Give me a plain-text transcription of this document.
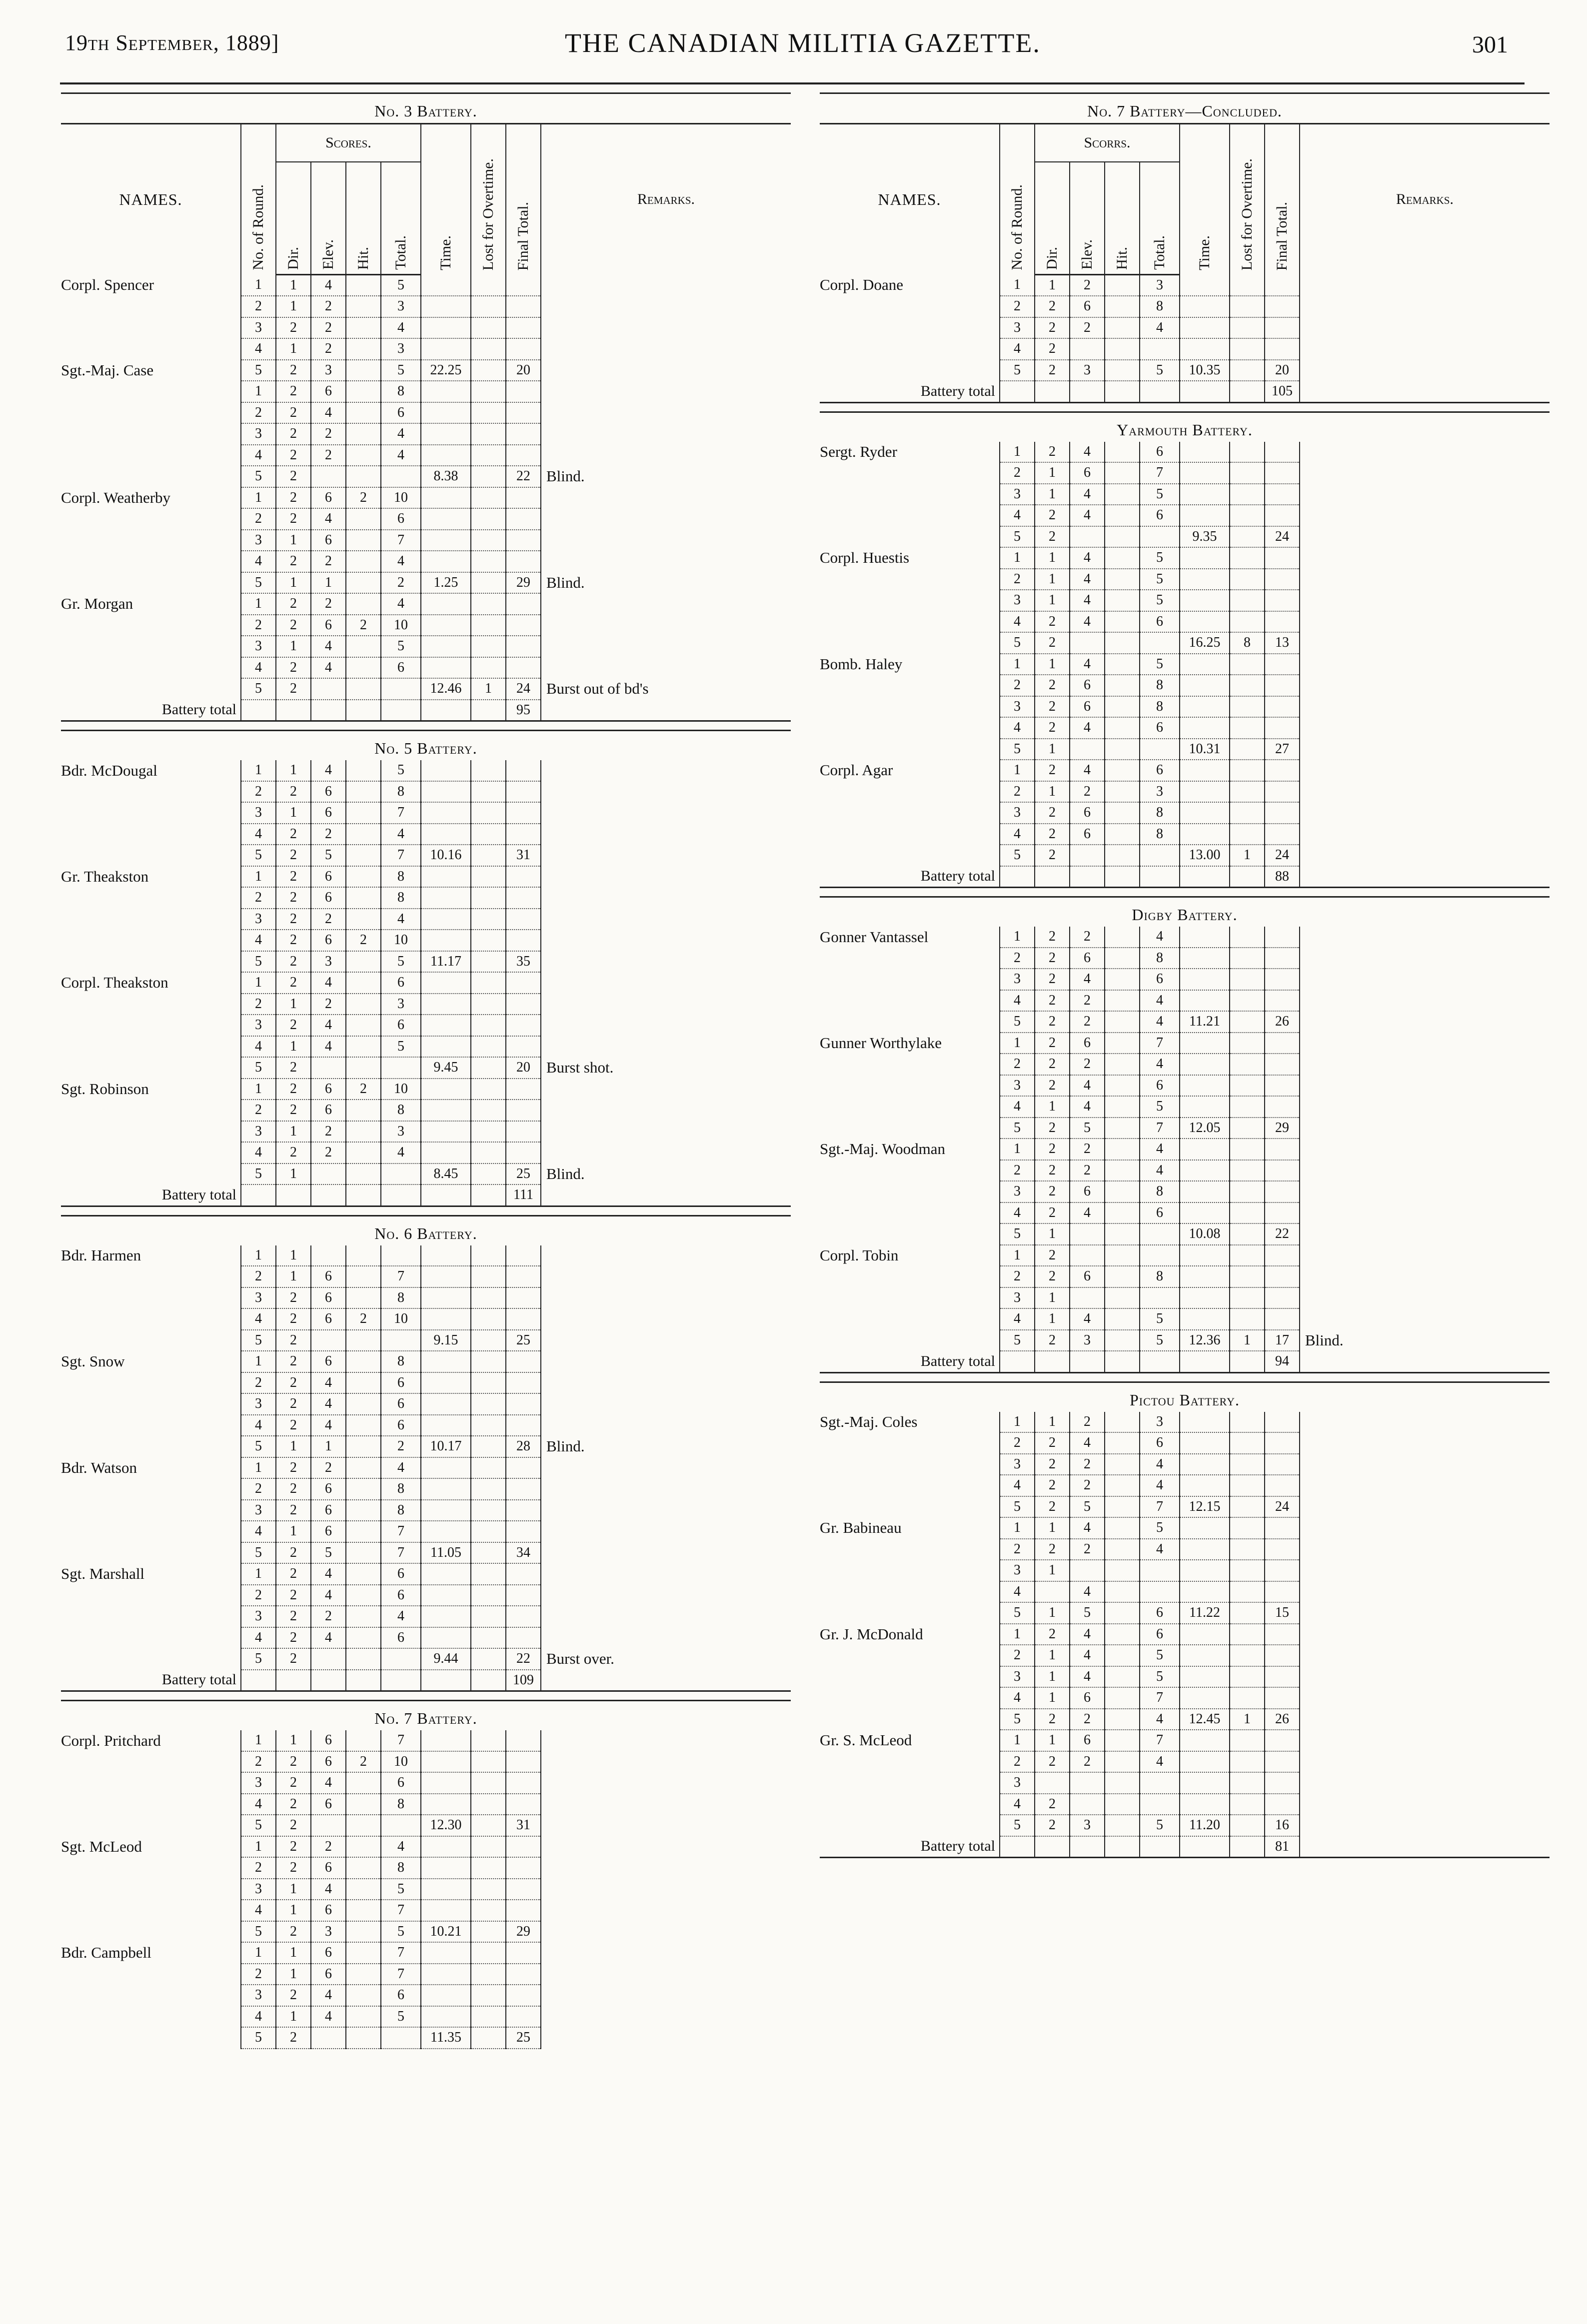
19th September, 1889]	THE CANADIAN MILITIA GAZETTE.	301
No. 3 Battery.
NAMES.	No. of Round.	Scores.				Time.	Lost for Overtime.	Final Total.	Remarks.
		Dir.	Elev.	Hit.	Total.				
Corpl. Spencer	1	1	4		5				
	2	1	2		3				
	3	2	2		4				
	4	1	2		3				
Sgt.-Maj. Case	5	2	3		5	22.25		20	
	1	2	6		8				
	2	2	4		6				
	3	2	2		4				
	4	2	2		4				
	5	2				8.38		22	Blind.
Corpl. Weatherby	1	2	6	2	10				
	2	2	4		6				
	3	1	6		7				
	4	2	2		4				
	5	1	1		2	1.25		29	Blind.
Gr. Morgan	1	2	2		4				
	2	2	6	2	10				
	3	1	4		5				
	4	2	4		6				
	5	2				12.46	1	24	Burst out of bd's
Battery total								95	
No. 5 Battery.
Bdr. McDougal	1	1	4		5				
	2	2	6		8				
	3	1	6		7				
	4	2	2		4				
	5	2	5		7	10.16		31	
Gr. Theakston	1	2	6		8				
	2	2	6		8				
	3	2	2		4				
	4	2	6	2	10				
	5	2	3		5	11.17		35	
Corpl. Theakston	1	2	4		6				
	2	1	2		3				
	3	2	4		6				
	4	1	4		5				
	5	2				9.45		20	Burst shot.
Sgt. Robinson	1	2	6	2	10				
	2	2	6		8				
	3	1	2		3				
	4	2	2		4				
	5	1				8.45		25	Blind.
Battery total								111	
No. 6 Battery.
Bdr. Harmen	1	1							
	2	1	6		7				
	3	2	6		8				
	4	2	6	2	10				
	5	2				9.15		25	
Sgt. Snow	1	2	6		8				
	2	2	4		6				
	3	2	4		6				
	4	2	4		6				
	5	1	1		2	10.17		28	Blind.
Bdr. Watson	1	2	2		4				
	2	2	6		8				
	3	2	6		8				
	4	1	6		7				
	5	2	5		7	11.05		34	
Sgt. Marshall	1	2	4		6				
	2	2	4		6				
	3	2	2		4				
	4	2	4		6				
	5	2				9.44		22	Burst over.
Battery total								109	
No. 7 Battery.
Corpl. Pritchard	1	1	6		7				
	2	2	6	2	10				
	3	2	4		6				
	4	2	6		8				
	5	2				12.30		31	
Sgt. McLeod	1	2	2		4				
	2	2	6		8				
	3	1	4		5				
	4	1	6		7				
	5	2	3		5	10.21		29	
Bdr. Campbell	1	1	6		7				
	2	1	6		7				
	3	2	4		6				
	4	1	4		5				
	5	2				11.35		25	
No. 7 Battery—Concluded.
NAMES.	No. of Round.	Scorrs.				Time.	Lost for Overtime.	Final Total.	Remarks.
		Dir.	Elev.	Hit.	Total.				
Corpl. Doane	1	1	2		3				
	2	2	6		8				
	3	2	2		4				
	4	2							
	5	2	3		5	10.35		20	
Battery total								105	
Yarmouth Battery.
Sergt. Ryder	1	2	4		6				
	2	1	6		7				
	3	1	4		5				
	4	2	4		6				
	5	2				9.35		24	
Corpl. Huestis	1	1	4		5				
	2	1	4		5				
	3	1	4		5				
	4	2	4		6				
	5	2				16.25	8	13	
Bomb. Haley	1	1	4		5				
	2	2	6		8				
	3	2	6		8				
	4	2	4		6				
	5	1				10.31		27	
Corpl. Agar	1	2	4		6				
	2	1	2		3				
	3	2	6		8				
	4	2	6		8				
	5	2				13.00	1	24	
Battery total								88	
Digby Battery.
Gonner Vantassel	1	2	2		4				
	2	2	6		8				
	3	2	4		6				
	4	2	2		4				
	5	2	2		4	11.21		26	
Gunner Worthylake	1	2	6		7				
	2	2	2		4				
	3	2	4		6				
	4	1	4		5				
	5	2	5		7	12.05		29	
Sgt.-Maj. Woodman	1	2	2		4				
	2	2	2		4				
	3	2	6		8				
	4	2	4		6				
	5	1				10.08		22	
Corpl. Tobin	1	2							
	2	2	6		8				
	3	1							
	4	1	4		5				
	5	2	3		5	12.36	1	17	Blind.
Battery total								94	
Pictou Battery.
Sgt.-Maj. Coles	1	1	2		3				
	2	2	4		6				
	3	2	2		4				
	4	2	2		4				
	5	2	5		7	12.15		24	
Gr. Babineau	1	1	4		5				
	2	2	2		4				
	3	1							
	4		4						
	5	1	5		6	11.22		15	
Gr. J. McDonald	1	2	4		6				
	2	1	4		5				
	3	1	4		5				
	4	1	6		7				
	5	2	2		4	12.45	1	26	
Gr. S. McLeod	1	1	6		7				
	2	2	2		4				
	3								
	4	2							
	5	2	3		5	11.20		16	
Battery total								81	
